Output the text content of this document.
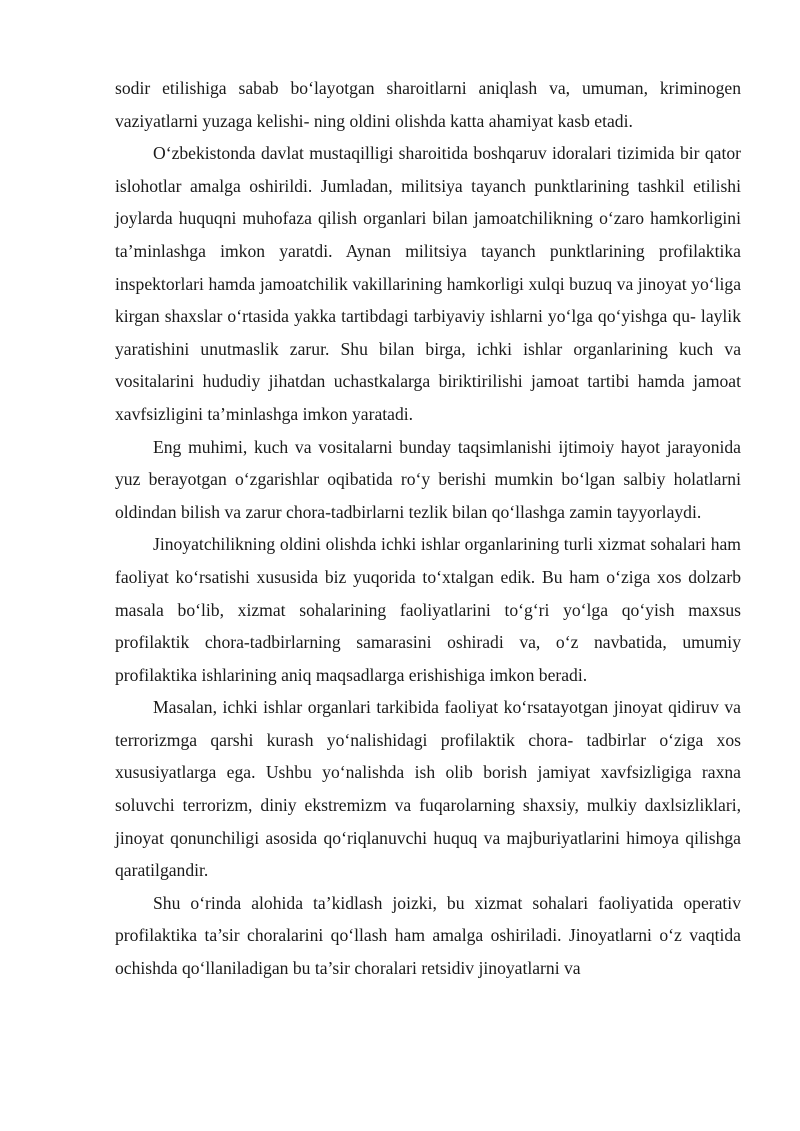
sodir etilishiga sabab bo‘layotgan sharoitlarni aniqlash va, umuman, kriminogen vaziyatlarni yuzaga kelishi- ning oldini olishda katta ahamiyat kasb etadi.

O‘zbekistonda davlat mustaqilligi sharoitida boshqaruv idoralari tizimida bir qator islohotlar amalga oshirildi. Jumladan, militsiya tayanch punktlarining tashkil etilishi joylarda huquqni muhofaza qilish organlari bilan jamoatchilikning o‘zaro hamkorligini ta’minlashga imkon yaratdi. Aynan militsiya tayanch punktlarining profilaktika inspektorlari hamda jamoatchilik vakillarining hamkorligi xulqi buzuq va jinoyat yo‘liga kirgan shaxslar o‘rtasida yakka tartibdagi tarbiyaviy ishlarni yo‘lga qo‘yishga qu- laylik yaratishini unutmaslik zarur. Shu bilan birga, ichki ishlar organlarining kuch va vositalarini hududiy jihatdan uchastkalarga biriktirilishi jamoat tartibi hamda jamoat xavfsizligini ta’minlashga imkon yaratadi.

Eng muhimi, kuch va vositalarni bunday taqsimlanishi ijtimoiy hayot jarayonida yuz berayotgan o‘zgarishlar oqibatida ro‘y berishi mumkin bo‘lgan salbiy holatlarni oldindan bilish va zarur chora-tadbirlarni tezlik bilan qo‘llashga zamin tayyorlaydi.

Jinoyatchilikning oldini olishda ichki ishlar organlarining turli xizmat sohalari ham faoliyat ko‘rsatishi xususida biz yuqorida to‘xtalgan edik. Bu ham o‘ziga xos dolzarb masala bo‘lib, xizmat sohalarining faoliyatlarini to‘g‘ri yo‘lga qo‘yish maxsus profilaktik chora-tadbirlarning samarasini oshiradi va, o‘z navbatida, umumiy profilaktika ishlarining aniq maqsadlarga erishishiga imkon beradi.

Masalan, ichki ishlar organlari tarkibida faoliyat ko‘rsatayotgan jinoyat qidiruv va terrorizmga qarshi kurash yo‘nalishidagi profilaktik chora- tadbirlar o‘ziga xos xususiyatlarga ega. Ushbu yo‘nalishda ish olib borish jamiyat xavfsizligiga raxna soluvchi terrorizm, diniy ekstremizm va fuqarolarning shaxsiy, mulkiy daxlsizliklari, jinoyat qonunchiligi asosida qo‘riqlanuvchi huquq va majburiyatlarini himoya qilishga qaratilgandir.

Shu o‘rinda alohida ta’kidlash joizki, bu xizmat sohalari faoliyatida operativ profilaktika ta’sir choralarini qo‘llash ham amalga oshiriladi. Jinoyatlarni o‘z vaqtida ochishda qo‘llaniladigan bu ta’sir choralari retsidiv jinoyatlarni va
